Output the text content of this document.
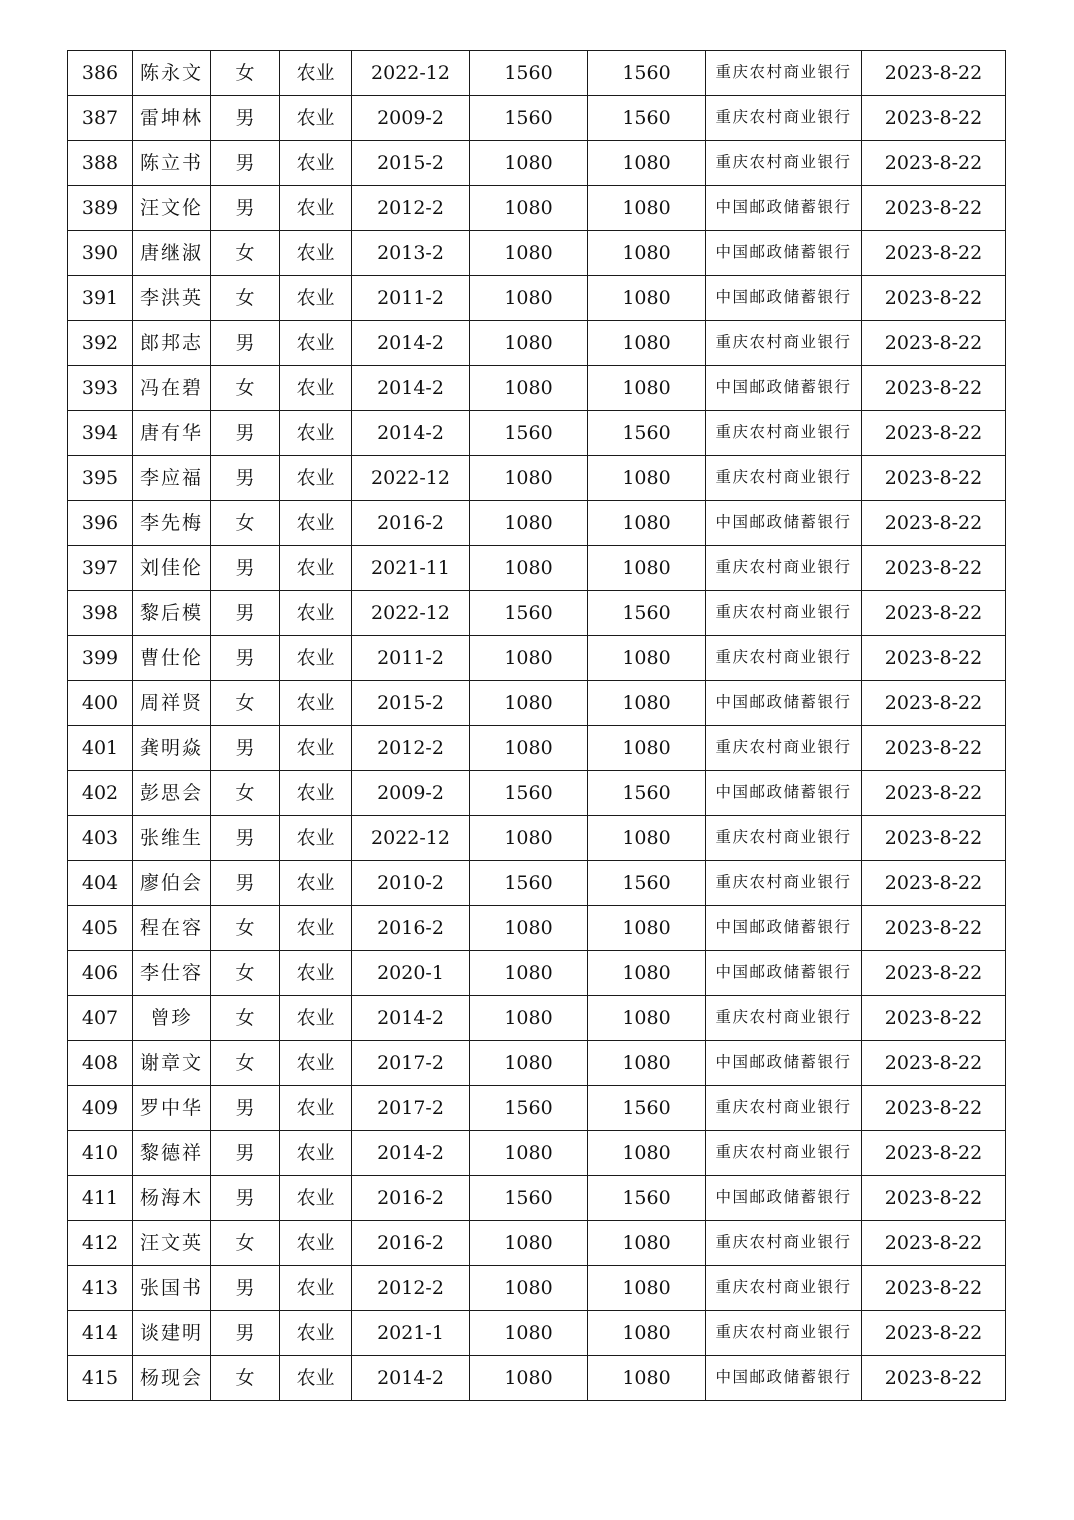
386	陈永文	女	农业	2022-12	1560	1560	重庆农村商业银行	2023-8-22
387	雷坤林	男	农业	2009-2	1560	1560	重庆农村商业银行	2023-8-22
388	陈立书	男	农业	2015-2	1080	1080	重庆农村商业银行	2023-8-22
389	汪文伦	男	农业	2012-2	1080	1080	中国邮政储蓄银行	2023-8-22
390	唐继淑	女	农业	2013-2	1080	1080	中国邮政储蓄银行	2023-8-22
391	李洪英	女	农业	2011-2	1080	1080	中国邮政储蓄银行	2023-8-22
392	郎邦志	男	农业	2014-2	1080	1080	重庆农村商业银行	2023-8-22
393	冯在碧	女	农业	2014-2	1080	1080	中国邮政储蓄银行	2023-8-22
394	唐有华	男	农业	2014-2	1560	1560	重庆农村商业银行	2023-8-22
395	李应福	男	农业	2022-12	1080	1080	重庆农村商业银行	2023-8-22
396	李先梅	女	农业	2016-2	1080	1080	中国邮政储蓄银行	2023-8-22
397	刘佳伦	男	农业	2021-11	1080	1080	重庆农村商业银行	2023-8-22
398	黎后模	男	农业	2022-12	1560	1560	重庆农村商业银行	2023-8-22
399	曹仕伦	男	农业	2011-2	1080	1080	重庆农村商业银行	2023-8-22
400	周祥贤	女	农业	2015-2	1080	1080	中国邮政储蓄银行	2023-8-22
401	龚明焱	男	农业	2012-2	1080	1080	重庆农村商业银行	2023-8-22
402	彭思会	女	农业	2009-2	1560	1560	中国邮政储蓄银行	2023-8-22
403	张维生	男	农业	2022-12	1080	1080	重庆农村商业银行	2023-8-22
404	廖伯会	男	农业	2010-2	1560	1560	重庆农村商业银行	2023-8-22
405	程在容	女	农业	2016-2	1080	1080	中国邮政储蓄银行	2023-8-22
406	李仕容	女	农业	2020-1	1080	1080	中国邮政储蓄银行	2023-8-22
407	曾珍	女	农业	2014-2	1080	1080	重庆农村商业银行	2023-8-22
408	谢章文	女	农业	2017-2	1080	1080	中国邮政储蓄银行	2023-8-22
409	罗中华	男	农业	2017-2	1560	1560	重庆农村商业银行	2023-8-22
410	黎德祥	男	农业	2014-2	1080	1080	重庆农村商业银行	2023-8-22
411	杨海木	男	农业	2016-2	1560	1560	中国邮政储蓄银行	2023-8-22
412	汪文英	女	农业	2016-2	1080	1080	重庆农村商业银行	2023-8-22
413	张国书	男	农业	2012-2	1080	1080	重庆农村商业银行	2023-8-22
414	谈建明	男	农业	2021-1	1080	1080	重庆农村商业银行	2023-8-22
415	杨现会	女	农业	2014-2	1080	1080	中国邮政储蓄银行	2023-8-22
